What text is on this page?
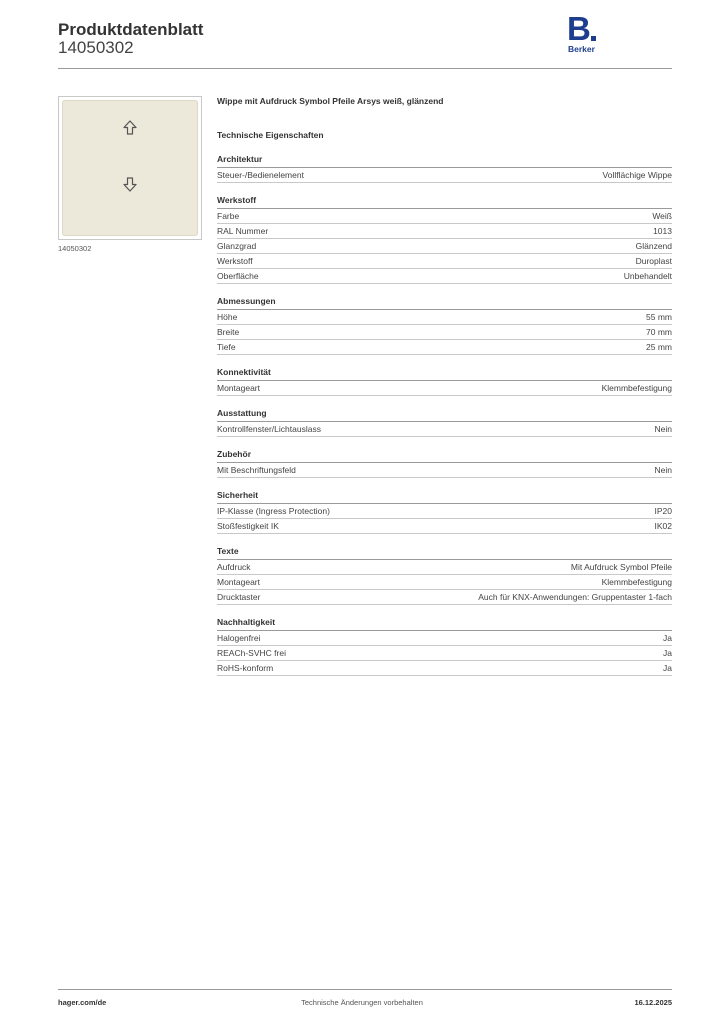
Produktdatenblatt
14050302
B
Berker
14050302
Wippe mit Aufdruck Symbol Pfeile Arsys weiß, glänzend
Technische Eigenschaften
Architektur
Steuer-/Bedienelement	Vollflächige Wippe
Werkstoff
Farbe	Weiß
RAL Nummer	1013
Glanzgrad	Glänzend
Werkstoff	Duroplast
Oberfläche	Unbehandelt
Abmessungen
Höhe	55 mm
Breite	70 mm
Tiefe	25 mm
Konnektivität
Montageart	Klemmbefestigung
Ausstattung
Kontrollfenster/Lichtauslass	Nein
Zubehör
Mit Beschriftungsfeld	Nein
Sicherheit
IP-Klasse (Ingress Protection)	IP20
Stoßfestigkeit IK	IK02
Texte
Aufdruck	Mit Aufdruck Symbol Pfeile
Montageart	Klemmbefestigung
Drucktaster	Auch für KNX-Anwendungen: Gruppentaster 1-fach
Nachhaltigkeit
Halogenfrei	Ja
REACh-SVHC frei	Ja
RoHS-konform	Ja
hager.com/de	Technische Änderungen vorbehalten	16.12.2025
